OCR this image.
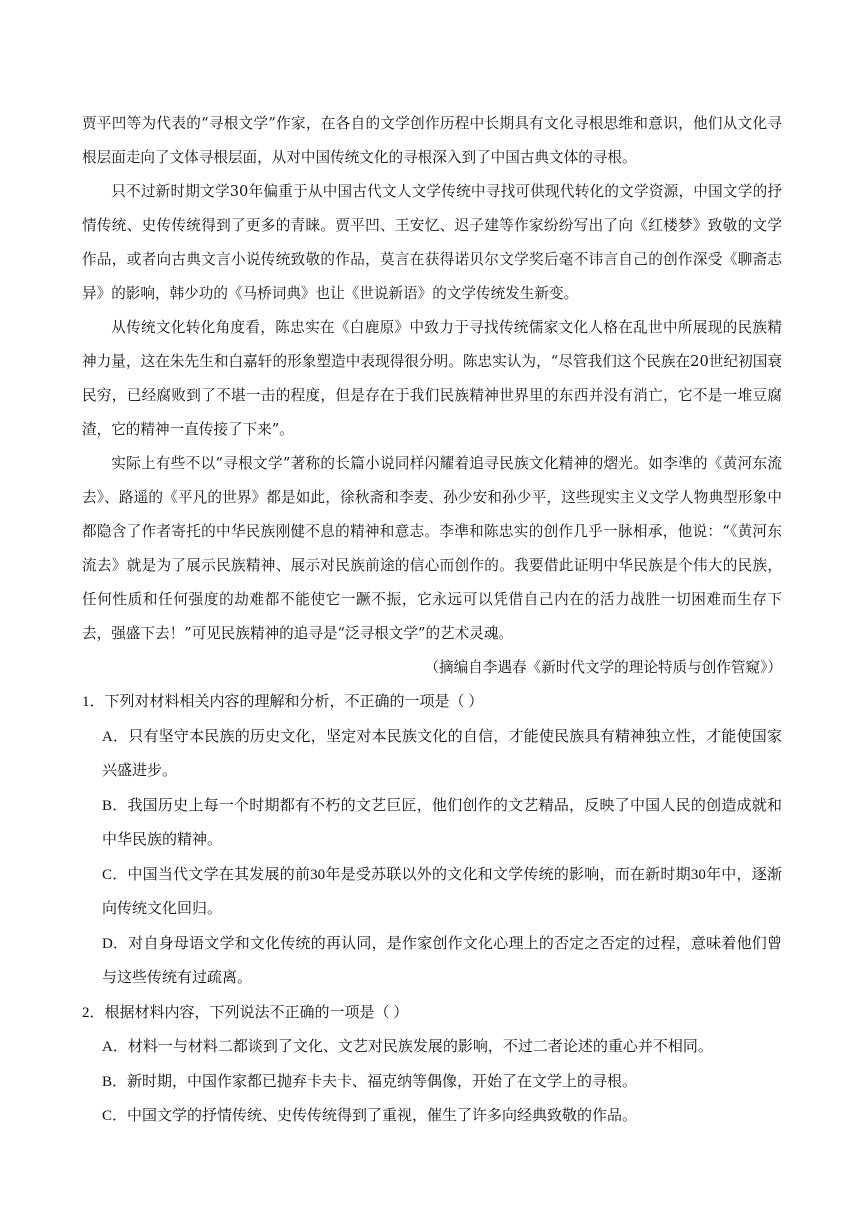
贾平凹等为代表的“寻根文学”作家，在各自的文学创作历程中长期具有文化寻根思维和意识，他们从文化寻根层面走向了文体寻根层面，从对中国传统文化的寻根深入到了中国古典文体的寻根。

只不过新时期文学30年偏重于从中国古代文人文学传统中寻找可供现代转化的文学资源，中国文学的抒情传统、史传传统得到了更多的青睐。贾平凹、王安忆、迟子建等作家纷纷写出了向《红楼梦》致敬的文学作品，或者向古典文言小说传统致敬的作品，莫言在获得诺贝尔文学奖后毫不讳言自己的创作深受《聊斋志异》的影响，韩少功的《马桥词典》也让《世说新语》的文学传统发生新变。

从传统文化转化角度看，陈忠实在《白鹿原》中致力于寻找传统儒家文化人格在乱世中所展现的民族精神力量，这在朱先生和白嘉轩的形象塑造中表现得很分明。陈忠实认为，“尽管我们这个民族在20世纪初国衰民穷，已经腐败到了不堪一击的程度，但是存在于我们民族精神世界里的东西并没有消亡，它不是一堆豆腐渣，它的精神一直传接了下来”。

实际上有些不以“寻根文学”著称的长篇小说同样闪耀着追寻民族文化精神的熠光。如李凖的《黄河东流去》、路遥的《平凡的世界》都是如此，徐秋斋和李麦、孙少安和孙少平，这些现实主义文学人物典型形象中都隐含了作者寄托的中华民族刚健不息的精神和意志。李凖和陈忠实的创作几乎一脉相承，他说：“《黄河东流去》就是为了展示民族精神、展示对民族前途的信心而创作的。我要借此证明中华民族是个伟大的民族，任何性质和任何强度的劫难都不能使它一蹶不振，它永远可以凭借自己内在的活力战胜一切困难而生存下去，强盛下去！”可见民族精神的追寻是“泛寻根文学”的艺术灵魂。

（摘编自李遇春《新时代文学的理论特质与创作管窥》）

1．下列对材料相关内容的理解和分析，不正确的一项是（ ）

A．只有坚守本民族的历史文化，坚定对本民族文化的自信，才能使民族具有精神独立性，才能使国家兴盛进步。

B．我国历史上每一个时期都有不朽的文艺巨匠，他们创作的文艺精品，反映了中国人民的创造成就和中华民族的精神。

C．中国当代文学在其发展的前30年是受苏联以外的文化和文学传统的影响，而在新时期30年中，逐渐向传统文化回归。

D．对自身母语文学和文化传统的再认同，是作家创作文化心理上的否定之否定的过程，意味着他们曾与这些传统有过疏离。

2．根据材料内容，下列说法不正确的一项是（ ）

A．材料一与材料二都谈到了文化、文艺对民族发展的影响，不过二者论述的重心并不相同。

B．新时期，中国作家都已抛弃卡夫卡、福克纳等偶像，开始了在文学上的寻根。

C．中国文学的抒情传统、史传传统得到了重视，催生了许多向经典致敬的作品。
